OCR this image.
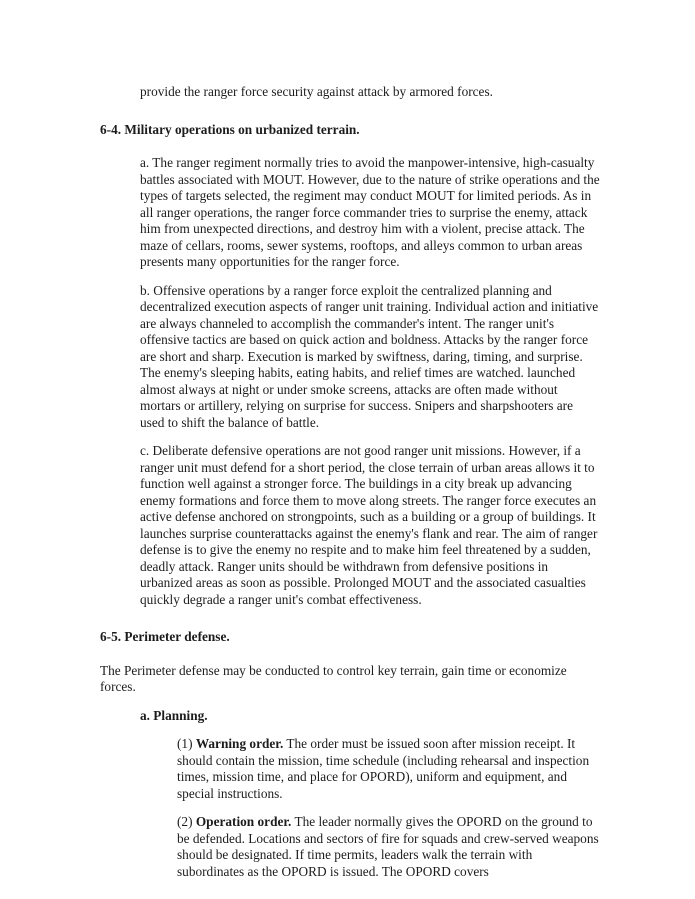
provide the ranger force security against attack by armored forces.

6-4. Military operations on urbanized terrain.

a. The ranger regiment normally tries to avoid the manpower-intensive, high-casualty battles associated with MOUT. However, due to the nature of strike operations and the types of targets selected, the regiment may conduct MOUT for limited periods. As in all ranger operations, the ranger force commander tries to surprise the enemy, attack him from unexpected directions, and destroy him with a violent, precise attack. The maze of cellars, rooms, sewer systems, rooftops, and alleys common to urban areas presents many opportunities for the ranger force.

b. Offensive operations by a ranger force exploit the centralized planning and decentralized execution aspects of ranger unit training. Individual action and initiative are always channeled to accomplish the commander's intent. The ranger unit's offensive tactics are based on quick action and boldness. Attacks by the ranger force are short and sharp. Execution is marked by swiftness, daring, timing, and surprise. The enemy's sleeping habits, eating habits, and relief times are watched. launched almost always at night or under smoke screens, attacks are often made without mortars or artillery, relying on surprise for success. Snipers and sharpshooters are used to shift the balance of battle.

c. Deliberate defensive operations are not good ranger unit missions. However, if a ranger unit must defend for a short period, the close terrain of urban areas allows it to function well against a stronger force. The buildings in a city break up advancing enemy formations and force them to move along streets. The ranger force executes an active defense anchored on strongpoints, such as a building or a group of buildings. It launches surprise counterattacks against the enemy's flank and rear. The aim of ranger defense is to give the enemy no respite and to make him feel threatened by a sudden, deadly attack. Ranger units should be withdrawn from defensive positions in urbanized areas as soon as possible. Prolonged MOUT and the associated casualties quickly degrade a ranger unit's combat effectiveness.

6-5. Perimeter defense.

The Perimeter defense may be conducted to control key terrain, gain time or economize forces.

a. Planning.

(1) Warning order. The order must be issued soon after mission receipt. It should contain the mission, time schedule (including rehearsal and inspection times, mission time, and place for OPORD), uniform and equipment, and special instructions.

(2) Operation order. The leader normally gives the OPORD on the ground to be defended. Locations and sectors of fire for squads and crew-served weapons should be designated. If time permits, leaders walk the terrain with subordinates as the OPORD is issued. The OPORD covers
